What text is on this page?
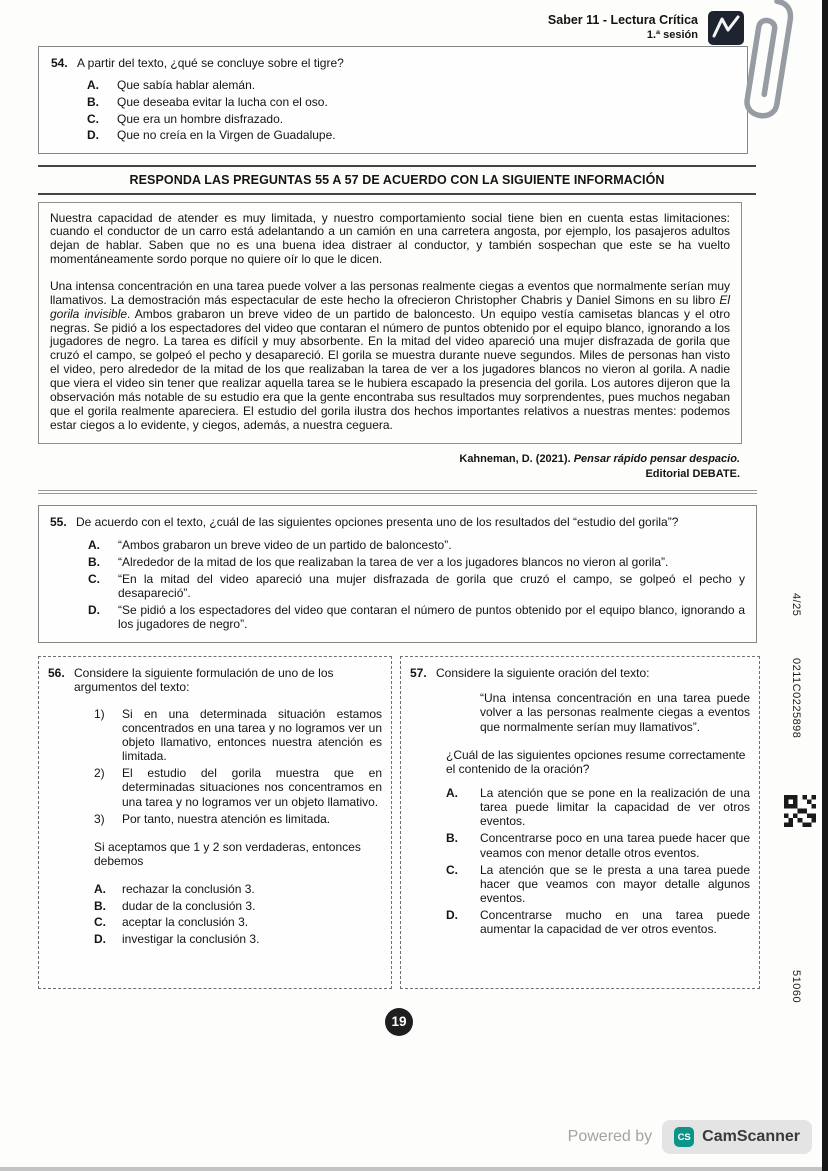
Saber 11 - Lectura Crítica
1.ª sesión
54. A partir del texto, ¿qué se concluye sobre el tigre?
A.	Que sabía hablar alemán.
B.	Que deseaba evitar la lucha con el oso.
C.	Que era un hombre disfrazado.
D.	Que no creía en la Virgen de Guadalupe.
RESPONDA LAS PREGUNTAS 55 A 57 DE ACUERDO CON LA SIGUIENTE INFORMACIÓN

Nuestra capacidad de atender es muy limitada, y nuestro comportamiento social tiene bien en cuenta estas limitaciones: cuando el conductor de un carro está adelantando a un camión en una carretera angosta, por ejemplo, los pasajeros adultos dejan de hablar. Saben que no es una buena idea distraer al conductor, y también sospechan que este se ha vuelto momentáneamente sordo porque no quiere oír lo que le dicen.

Una intensa concentración en una tarea puede volver a las personas realmente ciegas a eventos que normalmente serían muy llamativos. La demostración más espectacular de este hecho la ofrecieron Christopher Chabris y Daniel Simons en su libro El gorila invisible. Ambos grabaron un breve video de un partido de baloncesto. Un equipo vestía camisetas blancas y el otro negras. Se pidió a los espectadores del video que contaran el número de puntos obtenido por el equipo blanco, ignorando a los jugadores de negro. La tarea es difícil y muy absorbente. En la mitad del video apareció una mujer disfrazada de gorila que cruzó el campo, se golpeó el pecho y desapareció. El gorila se muestra durante nueve segundos. Miles de personas han visto el video, pero alrededor de la mitad de los que realizaban la tarea de ver a los jugadores blancos no vieron al gorila. A nadie que viera el video sin tener que realizar aquella tarea se le hubiera escapado la presencia del gorila. Los autores dijeron que la observación más notable de su estudio era que la gente encontraba sus resultados muy sorprendentes, pues muchos negaban que el gorila realmente apareciera. El estudio del gorila ilustra dos hechos importantes relativos a nuestras mentes: podemos estar ciegos a lo evidente, y ciegos, además, a nuestra ceguera.

Kahneman, D. (2021). Pensar rápido pensar despacio.
Editorial DEBATE.
55. De acuerdo con el texto, ¿cuál de las siguientes opciones presenta uno de los resultados del “estudio del gorila”?
A.	“Ambos grabaron un breve video de un partido de baloncesto”.
B.	“Alrededor de la mitad de los que realizaban la tarea de ver a los jugadores blancos no vieron al gorila”.
C.	“En la mitad del video apareció una mujer disfrazada de gorila que cruzó el campo, se golpeó el pecho y desapareció”.
D.	“Se pidió a los espectadores del video que contaran el número de puntos obtenido por el equipo blanco, ignorando a los jugadores de negro”.
56. Considere la siguiente formulación de uno de los argumentos del texto:
1)	Si en una determinada situación estamos concentrados en una tarea y no logramos ver un objeto llamativo, entonces nuestra atención es limitada.
2)	El estudio del gorila muestra que en determinadas situaciones nos concentramos en una tarea y no logramos ver un objeto llamativo.
3)	Por tanto, nuestra atención es limitada.
Si aceptamos que 1 y 2 son verdaderas, entonces debemos
A.	rechazar la conclusión 3.
B.	dudar de la conclusión 3.
C.	aceptar la conclusión 3.
D.	investigar la conclusión 3.
57. Considere la siguiente oración del texto:
“Una intensa concentración en una tarea puede volver a las personas realmente ciegas a eventos que normalmente serían muy llamativos”.
¿Cuál de las siguientes opciones resume correctamente el contenido de la oración?
A.	La atención que se pone en la realización de una tarea puede limitar la capacidad de ver otros eventos.
B.	Concentrarse poco en una tarea puede hacer que veamos con menor detalle otros eventos.
C.	La atención que se le presta a una tarea puede hacer que veamos con mayor detalle algunos eventos.
D.	Concentrarse mucho en una tarea puede aumentar la capacidad de ver otros eventos.
19
4/25
0211C0225898
51060
Powered by	CS CamScanner
